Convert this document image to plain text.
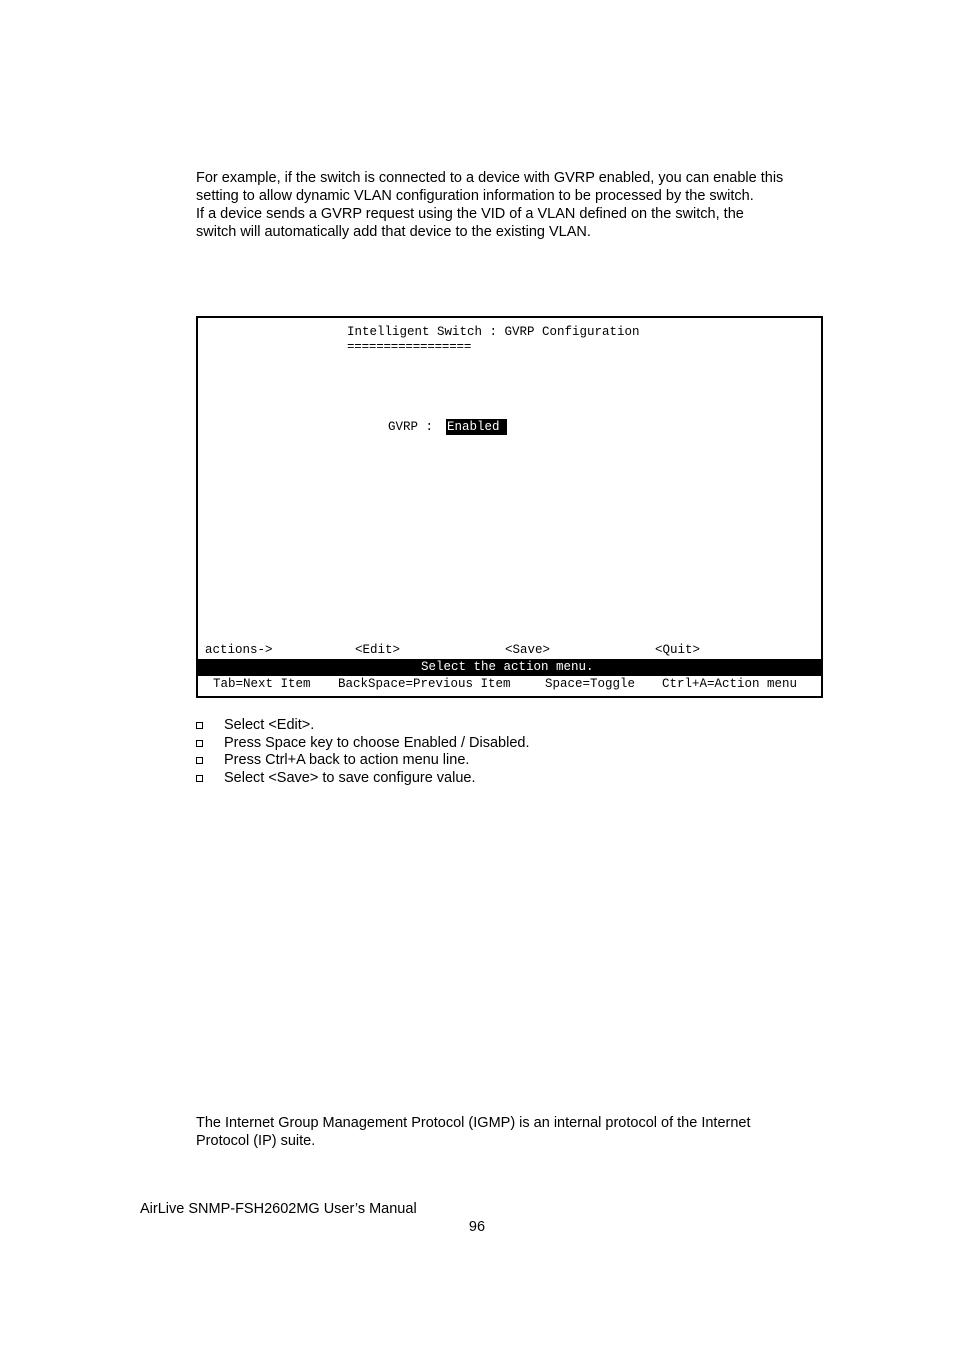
For example, if the switch is connected to a device with GVRP enabled, you can enable this
setting to allow dynamic VLAN configuration information to be processed by the switch.
If a device sends a GVRP request using the VID of a VLAN defined on the switch, the
switch will automatically add that device to the existing VLAN.
Intelligent Switch : GVRP Configuration
=================
GVRP : Enabled
actions->	<Edit>	<Save>	<Quit>
Select the action menu.
Tab=Next Item BackSpace=Previous Item	Space=Toggle Ctrl+A=Action menu
Select <Edit>.
Press Space key to choose Enabled / Disabled.
Press Ctrl+A back to action menu line.
Select <Save> to save configure value.
The Internet Group Management Protocol (IGMP) is an internal protocol of the Internet
Protocol (IP) suite.
AirLive SNMP-FSH2602MG User’s Manual
96
